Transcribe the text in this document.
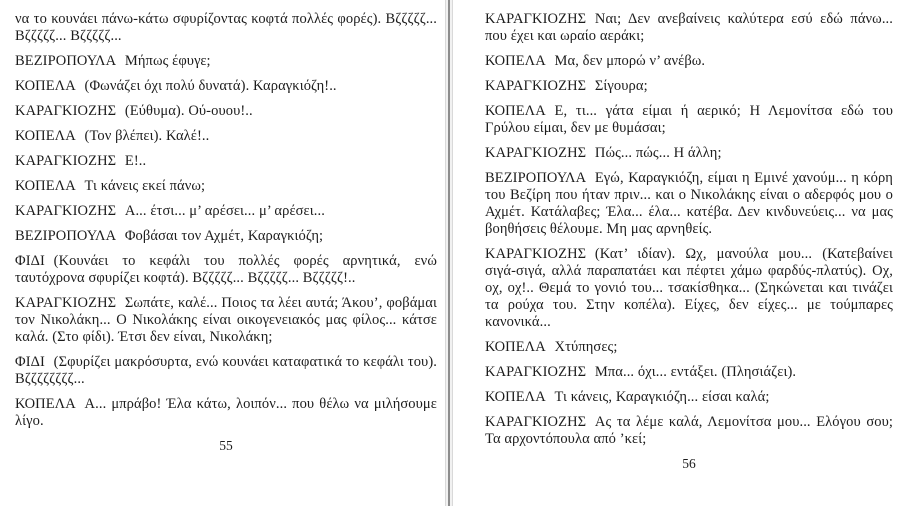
να το κουνάει πάνω-κάτω σφυρίζοντας κοφτά πολλές φορές). Βζζζζζ... Βζζζζζ... Βζζζζζ...

ΒΕΖΙΡΟΠΟΥΛΑ Μήπως έφυγε;

ΚΟΠΕΛΑ (Φωνάζει όχι πολύ δυνατά). Καραγκιόζη!..

ΚΑΡΑΓΚΙΟΖΗΣ (Εύθυμα). Ού-ουου!..

ΚΟΠΕΛΑ (Τον βλέπει). Καλέ!..

ΚΑΡΑΓΚΙΟΖΗΣ Ε!..

ΚΟΠΕΛΑ Τι κάνεις εκεί πάνω;

ΚΑΡΑΓΚΙΟΖΗΣ Α... έτσι... μ’ αρέσει... μ’ αρέσει...

ΒΕΖΙΡΟΠΟΥΛΑ Φοβάσαι τον Αχμέτ, Καραγκιόζη;

ΦΙΔΙ (Κουνάει το κεφάλι του πολλές φορές αρνητικά, ενώ ταυτόχρονα σφυρίζει κοφτά). Βζζζζζ... Βζζζζζ... Βζζζζζ!..

ΚΑΡΑΓΚΙΟΖΗΣ Σωπάτε, καλέ... Ποιος τα λέει αυτά; Άκου’, φοβάμαι τον Νικολάκη... Ο Νικολάκης είναι οικογενειακός μας φίλος... κάτσε καλά. (Στο φίδι). Έτσι δεν είναι, Νικολάκη;

ΦΙΔΙ (Σφυρίζει μακρόσυρτα, ενώ κουνάει καταφατικά το κεφάλι του). Βζζζζζζζζ...

ΚΟΠΕΛΑ Α... μπράβο! Έλα κάτω, λοιπόν... που θέλω να μιλήσουμε λίγο.

55

ΚΑΡΑΓΚΙΟΖΗΣ Ναι; Δεν ανεβαίνεις καλύτερα εσύ εδώ πάνω... που έχει και ωραίο αεράκι;

ΚΟΠΕΛΑ Μα, δεν μπορώ ν’ ανέβω.

ΚΑΡΑΓΚΙΟΖΗΣ Σίγουρα;

ΚΟΠΕΛΑ Ε, τι... γάτα είμαι ή αερικό; Η Λεμονίτσα εδώ του Γρύλου είμαι, δεν με θυμάσαι;

ΚΑΡΑΓΚΙΟΖΗΣ Πώς... πώς... Η άλλη;

ΒΕΖΙΡΟΠΟΥΛΑ Εγώ, Καραγκιόζη, είμαι η Εμινέ χανούμ... η κόρη του Βεζίρη που ήταν πριν... και ο Νικολάκης είναι ο αδερφός μου ο Αχμέτ. Κατάλαβες; Έλα... έλα... κατέβα. Δεν κινδυνεύεις... να μας βοηθήσεις θέλουμε. Μη μας αρνηθείς.

ΚΑΡΑΓΚΙΟΖΗΣ (Κατ’ ιδίαν). Ωχ, μανούλα μου... (Κατεβαίνει σιγά-σιγά, αλλά παραπατάει και πέφτει χάμω φαρδύς-πλατύς). Οχ, οχ, οχ!.. Θεμά το γονιό του... τσακίσθηκα... (Σηκώνεται και τινάζει τα ρούχα του. Στην κοπέλα). Είχες, δεν είχες... με τούμπαρες κανονικά...

ΚΟΠΕΛΑ Χτύπησες;

ΚΑΡΑΓΚΙΟΖΗΣ Μπα... όχι... εντάξει. (Πλησιάζει).

ΚΟΠΕΛΑ Τι κάνεις, Καραγκιόζη... είσαι καλά;

ΚΑΡΑΓΚΙΟΖΗΣ Ας τα λέμε καλά, Λεμονίτσα μου... Ελόγου σου; Τα αρχοντόπουλα από ’κεί;

56
